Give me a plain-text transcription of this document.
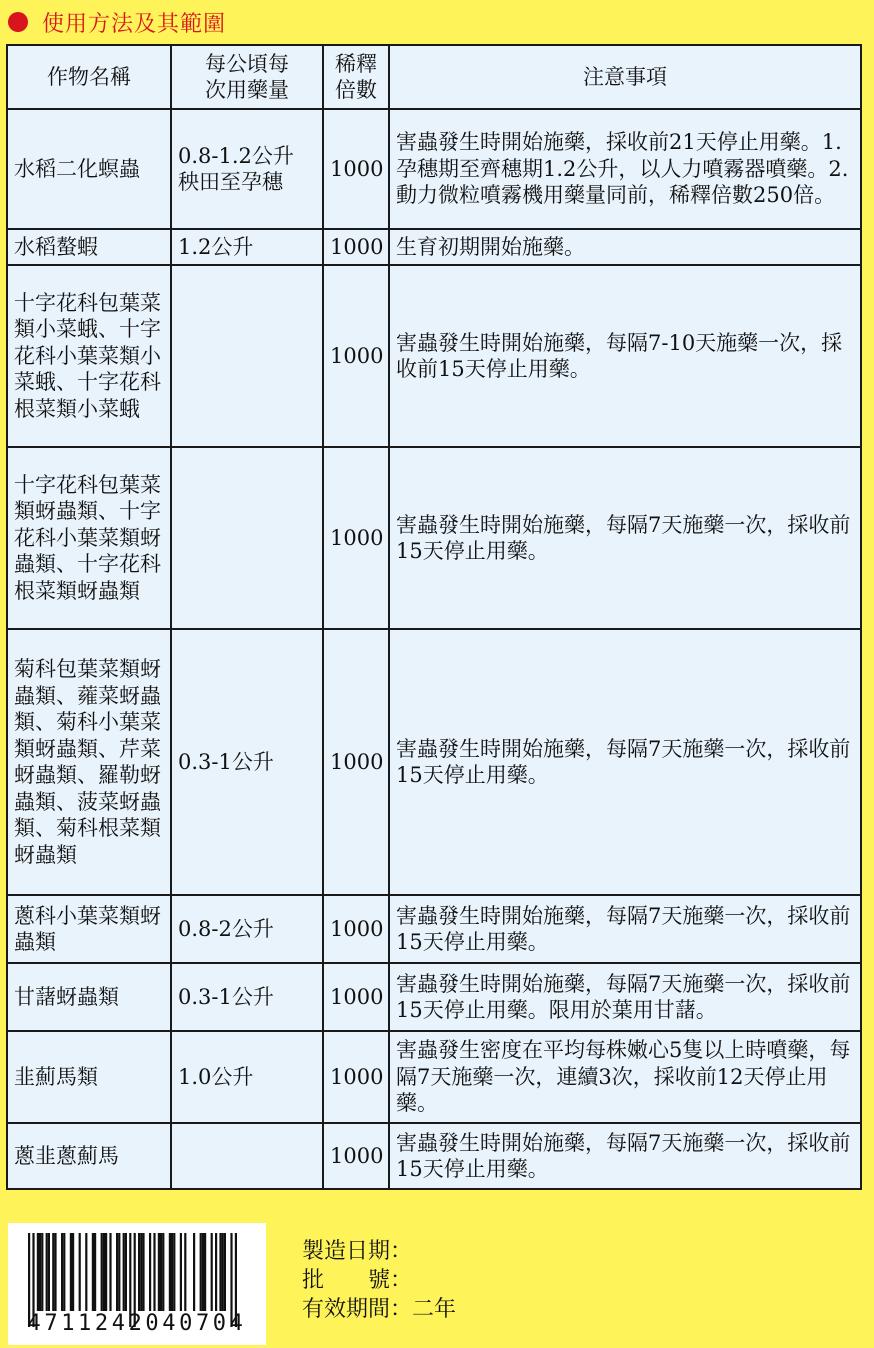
使用方法及其範圍
作物名稱	每公頃每次用藥量	稀釋倍數	注意事項
水稻二化螟蟲	0.8-1.2公升秧田至孕穗	1000	害蟲發生時開始施藥，採收前21天停止用藥。1.孕穗期至齊穗期1.2公升，以人力噴霧器噴藥。2.動力微粒噴霧機用藥量同前，稀釋倍數250倍。
水稻螯蝦	1.2公升	1000	生育初期開始施藥。
十字花科包葉菜類小菜蛾、十字花科小葉菜類小菜蛾、十字花科根菜類小菜蛾		1000	害蟲發生時開始施藥，每隔7-10天施藥一次，採收前15天停止用藥。
十字花科包葉菜類蚜蟲類、十字花科小葉菜類蚜蟲類、十字花科根菜類蚜蟲類		1000	害蟲發生時開始施藥，每隔7天施藥一次，採收前15天停止用藥。
菊科包葉菜類蚜蟲類、蕹菜蚜蟲類、菊科小葉菜類蚜蟲類、芹菜蚜蟲類、羅勒蚜蟲類、菠菜蚜蟲類、菊科根菜類蚜蟲類	0.3-1公升	1000	害蟲發生時開始施藥，每隔7天施藥一次，採收前15天停止用藥。
蔥科小葉菜類蚜蟲類	0.8-2公升	1000	害蟲發生時開始施藥，每隔7天施藥一次，採收前15天停止用藥。
甘藷蚜蟲類	0.3-1公升	1000	害蟲發生時開始施藥，每隔7天施藥一次，採收前15天停止用藥。限用於葉用甘藷。
韭薊馬類	1.0公升	1000	害蟲發生密度在平均每株嫩心5隻以上時噴藥，每隔7天施藥一次，連續3次，採收前12天停止用藥。
蔥韭蔥薊馬		1000	害蟲發生時開始施藥，每隔7天施藥一次，採收前15天停止用藥。
4711242040704
製造日期：
批　　號：
有效期間：二年
